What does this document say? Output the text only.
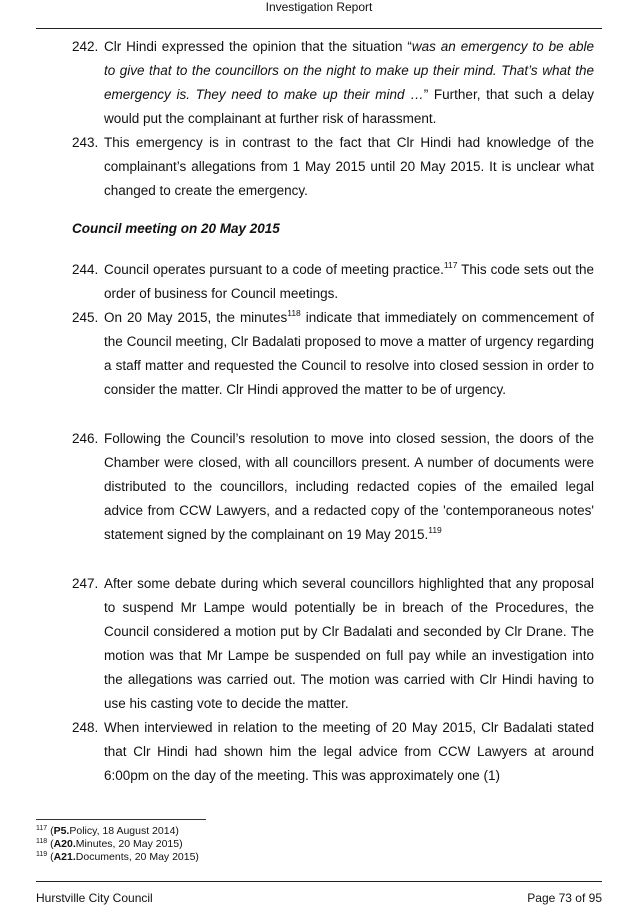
Investigation Report
242. Clr Hindi expressed the opinion that the situation “was an emergency to be able to give that to the councillors on the night to make up their mind. That’s what the emergency is. They need to make up their mind …” Further, that such a delay would put the complainant at further risk of harassment.
243. This emergency is in contrast to the fact that Clr Hindi had knowledge of the complainant’s allegations from 1 May 2015 until 20 May 2015. It is unclear what changed to create the emergency.
Council meeting on 20 May 2015
244. Council operates pursuant to a code of meeting practice.$^{117}$ This code sets out the order of business for Council meetings.
245. On 20 May 2015, the minutes$^{118}$ indicate that immediately on commencement of the Council meeting, Clr Badalati proposed to move a matter of urgency regarding a staff matter and requested the Council to resolve into closed session in order to consider the matter. Clr Hindi approved the matter to be of urgency.
246. Following the Council’s resolution to move into closed session, the doors of the Chamber were closed, with all councillors present. A number of documents were distributed to the councillors, including redacted copies of the emailed legal advice from CCW Lawyers, and a redacted copy of the 'contemporaneous notes' statement signed by the complainant on 19 May 2015.$^{119}$
247. After some debate during which several councillors highlighted that any proposal to suspend Mr Lampe would potentially be in breach of the Procedures, the Council considered a motion put by Clr Badalati and seconded by Clr Drane. The motion was that Mr Lampe be suspended on full pay while an investigation into the allegations was carried out. The motion was carried with Clr Hindi having to use his casting vote to decide the matter.
248. When interviewed in relation to the meeting of 20 May 2015, Clr Badalati stated that Clr Hindi had shown him the legal advice from CCW Lawyers at around 6:00pm on the day of the meeting. This was approximately one (1)
$^{117}$ (P5.Policy, 18 August 2014)
$^{118}$ (A20.Minutes, 20 May 2015)
$^{119}$ (A21.Documents, 20 May 2015)
Hurstville City Council	Page 73 of 95
